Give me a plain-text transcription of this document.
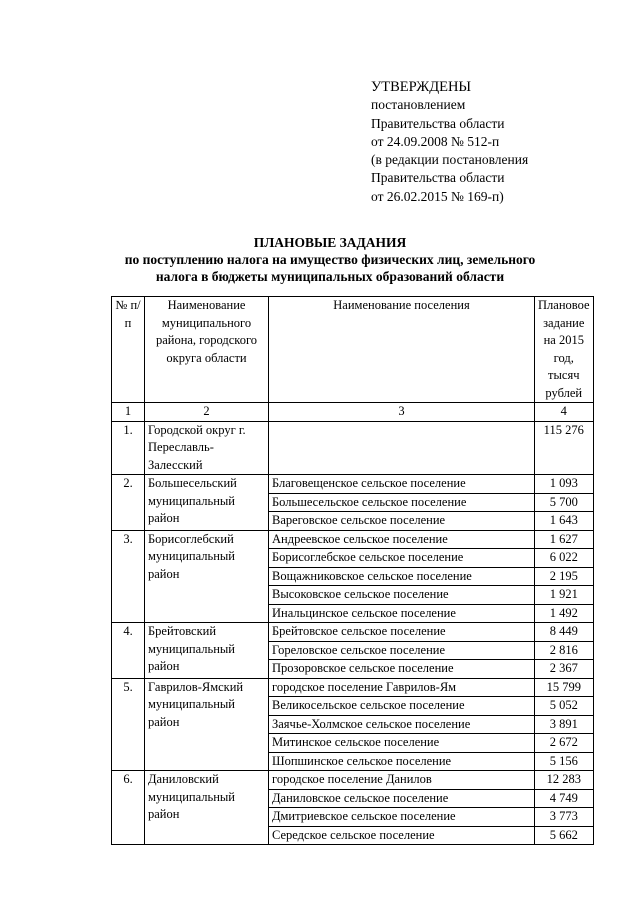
УТВЕРЖДЕНЫ
постановлением
Правительства области
от 24.09.2008 № 512-п
(в редакции постановления
Правительства области
от 26.02.2015 № 169-п)
ПЛАНОВЫЕ ЗАДАНИЯ
по поступлению налога на имущество физических лиц, земельного
налога в бюджеты муниципальных образований области
№ п/п	Наименование муниципального района, городского округа области	Наименование поселения	Плановое задание на 2015 год, тысяч рублей
1	2	3	4
1.	Городской округ г. Переславль-Залесский		115 276
2.	Большесельский муниципальный район	Благовещенское сельское поселение	1 093
		Большесельское сельское поселение	5 700
		Вареговское сельское поселение	1 643
3.	Борисоглебский муниципальный район	Андреевское сельское поселение	1 627
		Борисоглебское сельское поселение	6 022
		Вощажниковское сельское поселение	2 195
		Высоковское сельское поселение	1 921
		Инальцинское сельское поселение	1 492
4.	Брейтовский муниципальный район	Брейтовское сельское поселение	8 449
		Гореловское сельское поселение	2 816
		Прозоровское сельское поселение	2 367
5.	Гаврилов-Ямский муниципальный район	городское поселение Гаврилов-Ям	15 799
		Великосельское сельское поселение	5 052
		Заячье-Холмское сельское поселение	3 891
		Митинское сельское поселение	2 672
		Шопшинское сельское поселение	5 156
6.	Даниловский муниципальный район	городское поселение Данилов	12 283
		Даниловское сельское поселение	4 749
		Дмитриевское сельское поселение	3 773
		Середское сельское поселение	5 662
